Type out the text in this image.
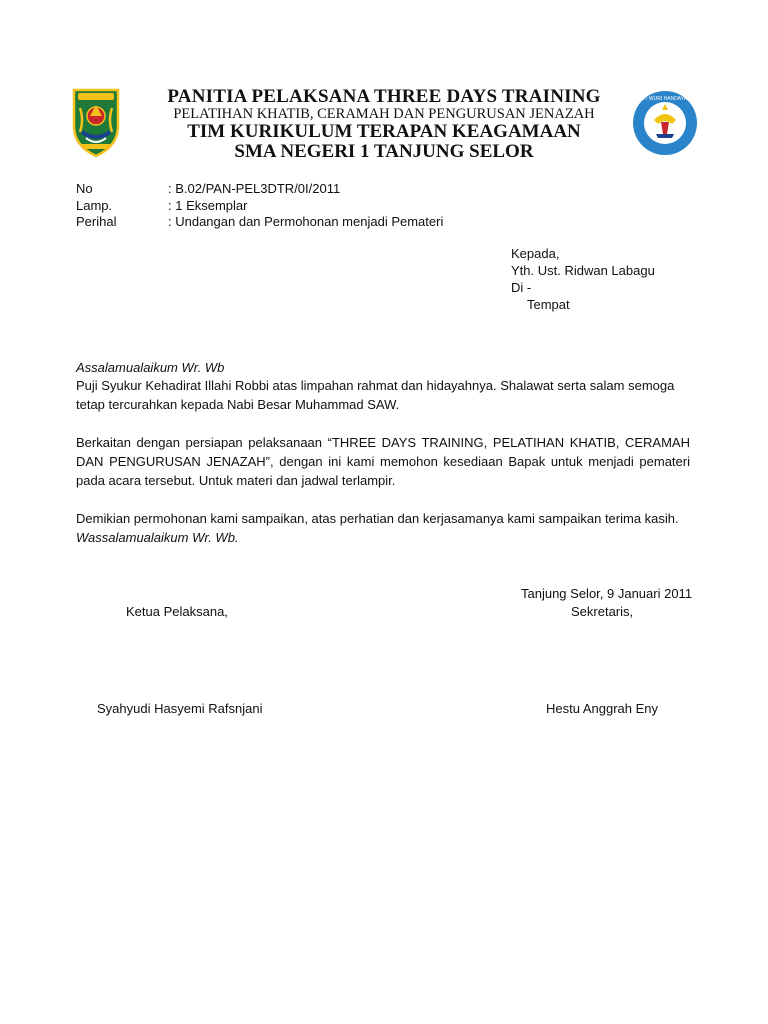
TUT WURI HANDAYANI
PANITIA PELAKSANA THREE DAYS TRAINING
PELATIHAN KHATIB, CERAMAH DAN PENGURUSAN JENAZAH
TIM KURIKULUM TERAPAN KEAGAMAAN
SMA NEGERI 1 TANJUNG SELOR
No	: B.02/PAN-PEL3DTR/0I/2011
Lamp.	: 1 Eksemplar
Perihal	: Undangan dan Permohonan menjadi Pemateri
Kepada,
Yth. Ust. Ridwan Labagu
Di -
Tempat
Assalamualaikum Wr. Wb
Puji Syukur Kehadirat Illahi Robbi atas limpahan rahmat dan hidayahnya. Shalawat serta salam semoga tetap tercurahkan kepada Nabi Besar Muhammad SAW.
Berkaitan dengan persiapan pelaksanaan “THREE DAYS TRAINING, PELATIHAN KHATIB, CERAMAH DAN PENGURUSAN JENAZAH”, dengan ini kami memohon kesediaan Bapak untuk menjadi pemateri pada acara tersebut. Untuk materi dan jadwal terlampir.
Demikian permohonan kami sampaikan, atas perhatian dan kerjasamanya kami sampaikan terima kasih.
Wassalamualaikum Wr. Wb.
Tanjung Selor, 9 Januari 2011
Ketua Pelaksana,	Sekretaris,
Syahyudi Hasyemi Rafsnjani	Hestu Anggrah Eny
